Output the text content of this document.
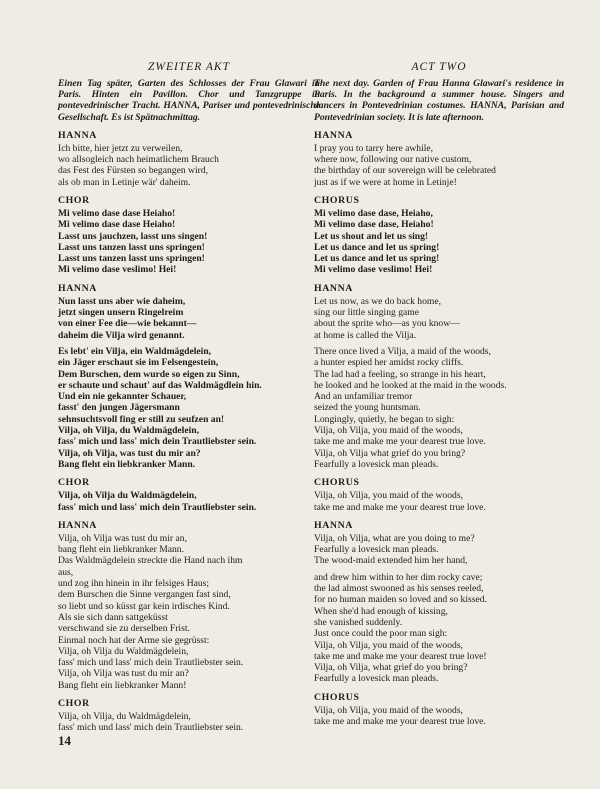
ZWEITER AKT

Einen Tag später, Garten des Schlosses der Frau Glawari in Paris. Hinten ein Pavillon. Chor und Tanzgruppe in pontevedrinischer Tracht. HANNA, Pariser und pontevedrinische Gesellschaft. Es ist Spätnachmittag.

HANNA
Ich bitte, hier jetzt zu verweilen,
wo allsogleich nach heimatlichem Brauch
das Fest des Fürsten so begangen wird,
als ob man in Letinje wär' daheim.
CHOR
Mi velimo dase dase Heiaho!
Mi velimo dase dase Heiaho!
Lasst uns jauchzen, lasst uns singen!
Lasst uns tanzen lasst uns springen!
Lasst uns tanzen lasst uns springen!
Mi velimo dase veslimo! Hei!
HANNA
Nun lasst uns aber wie daheim,
jetzt singen unsern Ringelreim
von einer Fee die—wie bekannt—
daheim die Vilja wird genannt.
Es lebt' ein Vilja, ein Waldmägdelein,
ein Jäger erschaut sie im Felsengestein,
Dem Burschen, dem wurde so eigen zu Sinn,
er schaute und schaut' auf das Waldmägdlein hin.
Und ein nie gekannter Schauer,
fasst' den jungen Jägersmann
sehnsuchtsvoll fing er still zu seufzen an!
Vilja, oh Vilja, du Waldmägdelein,
fass' mich und lass' mich dein Trautliebster sein.
Vilja, oh Vilja, was tust du mir an?
Bang fleht ein liebkranker Mann.
CHOR
Vilja, oh Vilja du Waldmägdelein,
fass' mich und lass' mich dein Trautliebster sein.
HANNA
Vilja, oh Vilja was tust du mir an,
bang fleht ein liebkranker Mann.
Das Waldmägdelein streckte die Hand nach ihm
aus,
und zog ihn hinein in ihr felsiges Haus;
dem Burschen die Sinne vergangen fast sind,
so liebt und so küsst gar kein irdisches Kind.
Als sie sich dann sattgeküsst
verschwand sie zu derselben Frist.
Einmal noch hat der Arme sie gegrüsst:
Vilja, oh Vilja du Waldmägdelein,
fass' mich und lass' mich dein Trautliebster sein.
Vilja, oh Vilja was tust du mir an?
Bang fleht ein liebkranker Mann!
CHOR
Vilja, oh Vilja, du Waldmägdelein,
fass' mich und lass' mich dein Trautliebster sein.
ACT TWO

The next day. Garden of Frau Hanna Glawari's residence in Paris. In the background a summer house. Singers and dancers in Pontevedrinian costumes. HANNA, Parisian and Pontevedrinian society. It is late afternoon.

HANNA
I pray you to tarry here awhile,
where now, following our native custom,
the birthday of our sovereign will be celebrated
just as if we were at home in Letinje!
CHORUS
Mi velimo dase dase, Heiaho,
Mi velimo dase dase, Heiaho!
Let us shout and let us sing!
Let us dance and let us spring!
Let us dance and let us spring!
Mi velimo dase veslimo! Hei!
HANNA
Let us now, as we do back home,
sing our little singing game
about the sprite who—as you know—
at home is called the Vilja.
There once lived a Vilja, a maid of the woods,
a hunter espied her amidst rocky cliffs.
The lad had a feeling, so strange in his heart,
he looked and he looked at the maid in the woods.
And an unfamiliar tremor
seized the young huntsman.
Longingly, quietly, he began to sigh:
Vilja, oh Vilja, you maid of the woods,
take me and make me your dearest true love.
Vilja, oh Vilja what grief do you bring?
Fearfully a lovesick man pleads.
CHORUS
Vilja, oh Vilja, you maid of the woods,
take me and make me your dearest true love.
HANNA
Vilja, oh Vilja, what are you doing to me?
Fearfully a lovesick man pleads.
The wood-maid extended him her hand,
and drew him within to her dim rocky cave;
the lad almost swooned as his senses reeled,
for no human maiden so loved and so kissed.
When she'd had enough of kissing,
she vanished suddenly.
Just once could the poor man sigh:
Vilja, oh Vilja, you maid of the woods,
take me and make me your dearest true love!
Vilja, oh Vilja, what grief do you bring?
Fearfully a lovesick man pleads.
CHORUS
Vilja, oh Vilja, you maid of the woods,
take me and make me your dearest true love.
14
